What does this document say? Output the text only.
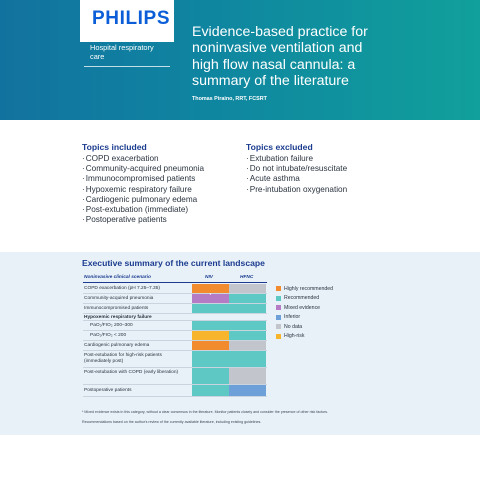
PHILIPS
Hospital respiratory care
Evidence-based practice for noninvasive ventilation and high flow nasal cannula: a summary of the literature
Thomas Piraino, RRT, FCSRT
Topics included
· COPD exacerbation
· Community-acquired pneumonia
· Immunocompromised patients
· Hypoxemic respiratory failure
· Cardiogenic pulmonary edema
· Post-extubation (immediate)
· Postoperative patients
Topics excluded
· Extubation failure
· Do not intubate/resuscitate
· Acute asthma
· Pre-intubation oxygenation
Executive summary of the current landscape
Noninvasive clinical scenario	NIV	HFNC
COPD exacerbation (pH 7.25–7.35)
Community-acquired pneumonia
*
Immunocompromised patients
Hypoxemic respiratory failure
PaO₂/FIO₂ 200–300
PaO₂/FIO₂ < 200
Cardiogenic pulmonary edema
Post-extubation for high-risk patients (immediately post)
Post-extubation with COPD (early liberation)
Postoperative patients
Highly recommended
Recommended
Mixed evidence
Inferior
No data
High-risk
* Mixed evidence exists in this category, without a clear consensus in the literature. Monitor patients closely and consider the presence of other risk factors.
Recommendations based on the author's review of the currently available literature, including existing guidelines.
